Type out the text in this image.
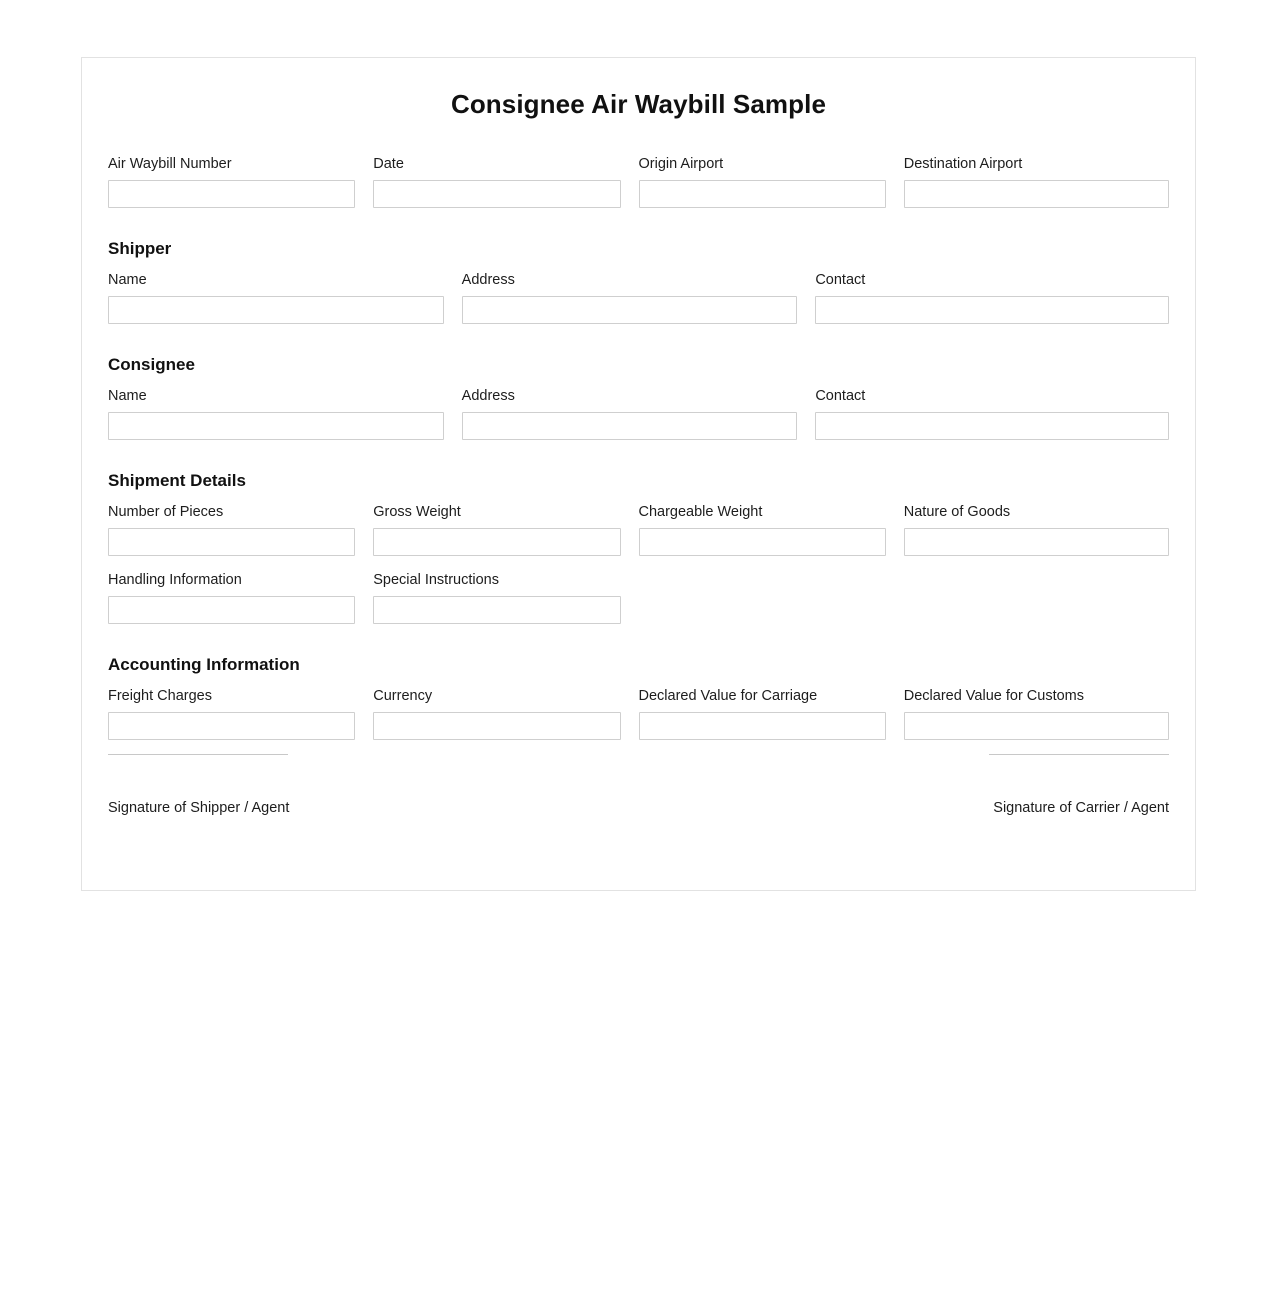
Consignee Air Waybill Sample
Air Waybill Number	Date	Origin Airport	Destination Airport
Shipper
Name	Address	Contact
Consignee
Name	Address	Contact
Shipment Details
Number of Pieces	Gross Weight	Chargeable Weight	Nature of Goods
Handling Information	Special Instructions
Accounting Information
Freight Charges	Currency	Declared Value for Carriage	Declared Value for Customs
Signature of Shipper / Agent	Signature of Carrier / Agent
